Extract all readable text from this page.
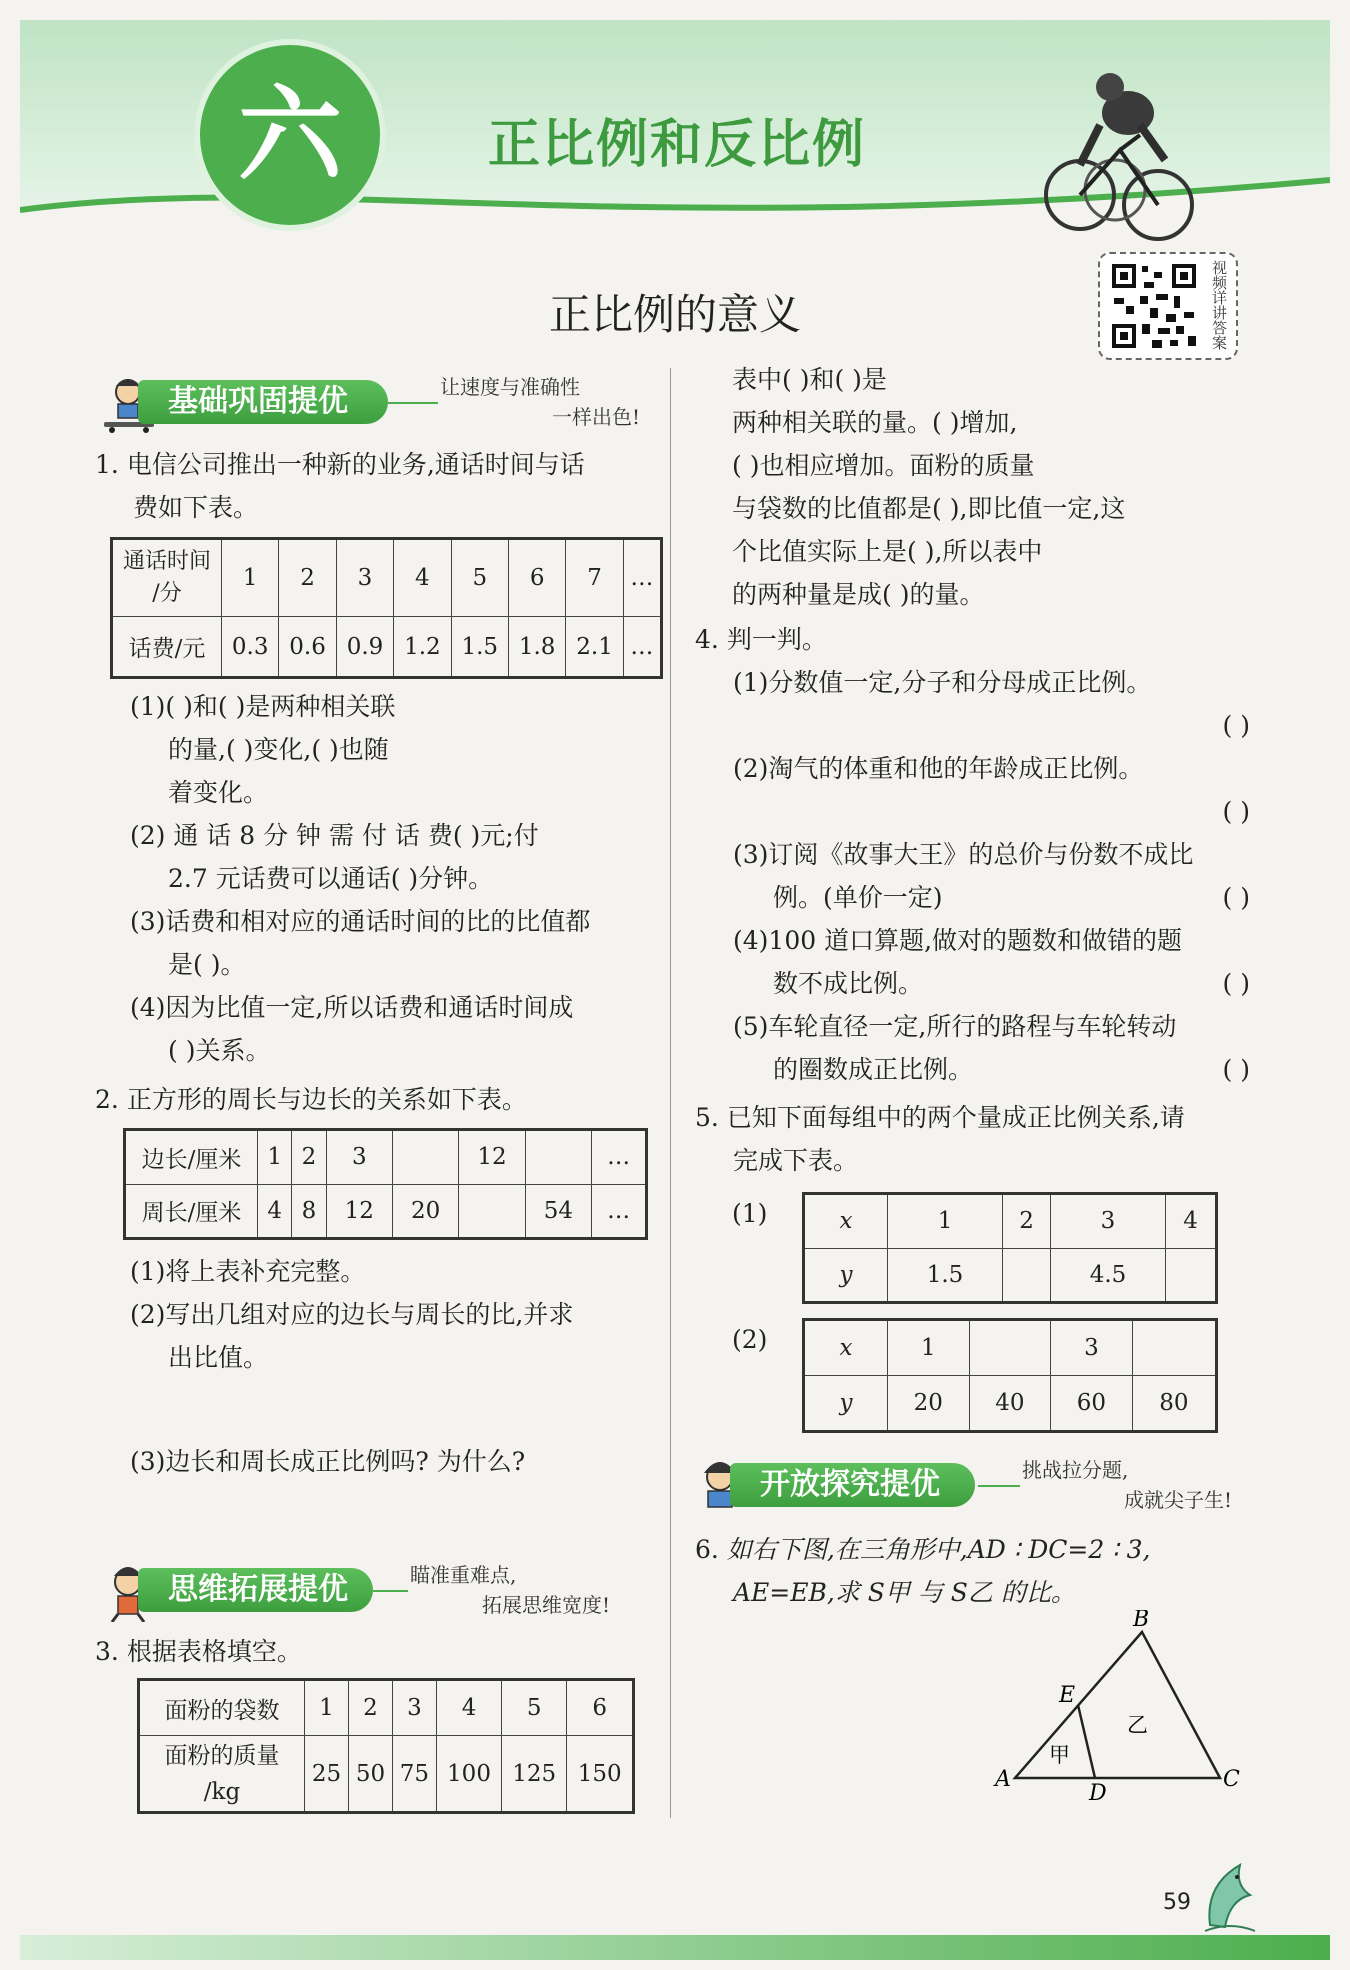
六	正比例和反比例
正比例的意义	视频详讲答案
基础巩固提优	让速度与准确性
一样出色!

1. 电信公司推出一种新的业务,通话时间与话

费如下表。

通话时间
/分	1	2	3	4	5	6	7	…
话费/元	0.3	0.6	0.9	1.2	1.5	1.8	2.1	…

(1)( )和( )是两种相关联

的量,( )变化,( )也随

着变化。

(2) 通 话 8 分 钟 需 付 话 费( )元;付

2.7 元话费可以通话( )分钟。

(3)话费和相对应的通话时间的比的比值都

是( )。

(4)因为比值一定,所以话费和通话时间成

( )关系。

2. 正方形的周长与边长的关系如下表。

边长/厘米	1	2	3		12		…
周长/厘米	4	8	12	20		54	…

(1)将上表补充完整。

(2)写出几组对应的边长与周长的比,并求

出比值。

(3)边长和周长成正比例吗? 为什么?

思维拓展提优	瞄准重难点,
拓展思维宽度!

3. 根据表格填空。

面粉的袋数	1	2	3	4	5	6
面粉的质量
/kg	25	50	75	100	125	150

表中( )和( )是

两种相关联的量。( )增加,

( )也相应增加。面粉的质量

与袋数的比值都是( ),即比值一定,这

个比值实际上是( ),所以表中

的两种量是成( )的量。

4. 判一判。

(1)分数值一定,分子和分母成正比例。

( )

(2)淘气的体重和他的年龄成正比例。

( )

(3)订阅《故事大王》的总价与份数不成比

例。(单价一定)	( )

(4)100 道口算题,做对的题数和做错的题

数不成比例。	( )

(5)车轮直径一定,所行的路程与车轮转动

的圈数成正比例。	( )

5. 已知下面每组中的两个量成正比例关系,请

完成下表。

(1)	x	1	2	3	4
y	1.5		4.5	
(2)	x	1		3	
y	20	40	60	80
开放探究提优	挑战拉分题,
成就尖子生!

6. 如右下图,在三角形中,AD ∶ DC=2 ∶ 3,

AE=EB,求 S甲 与 S乙 的比。

A
B
C
D
E
甲
乙
59
